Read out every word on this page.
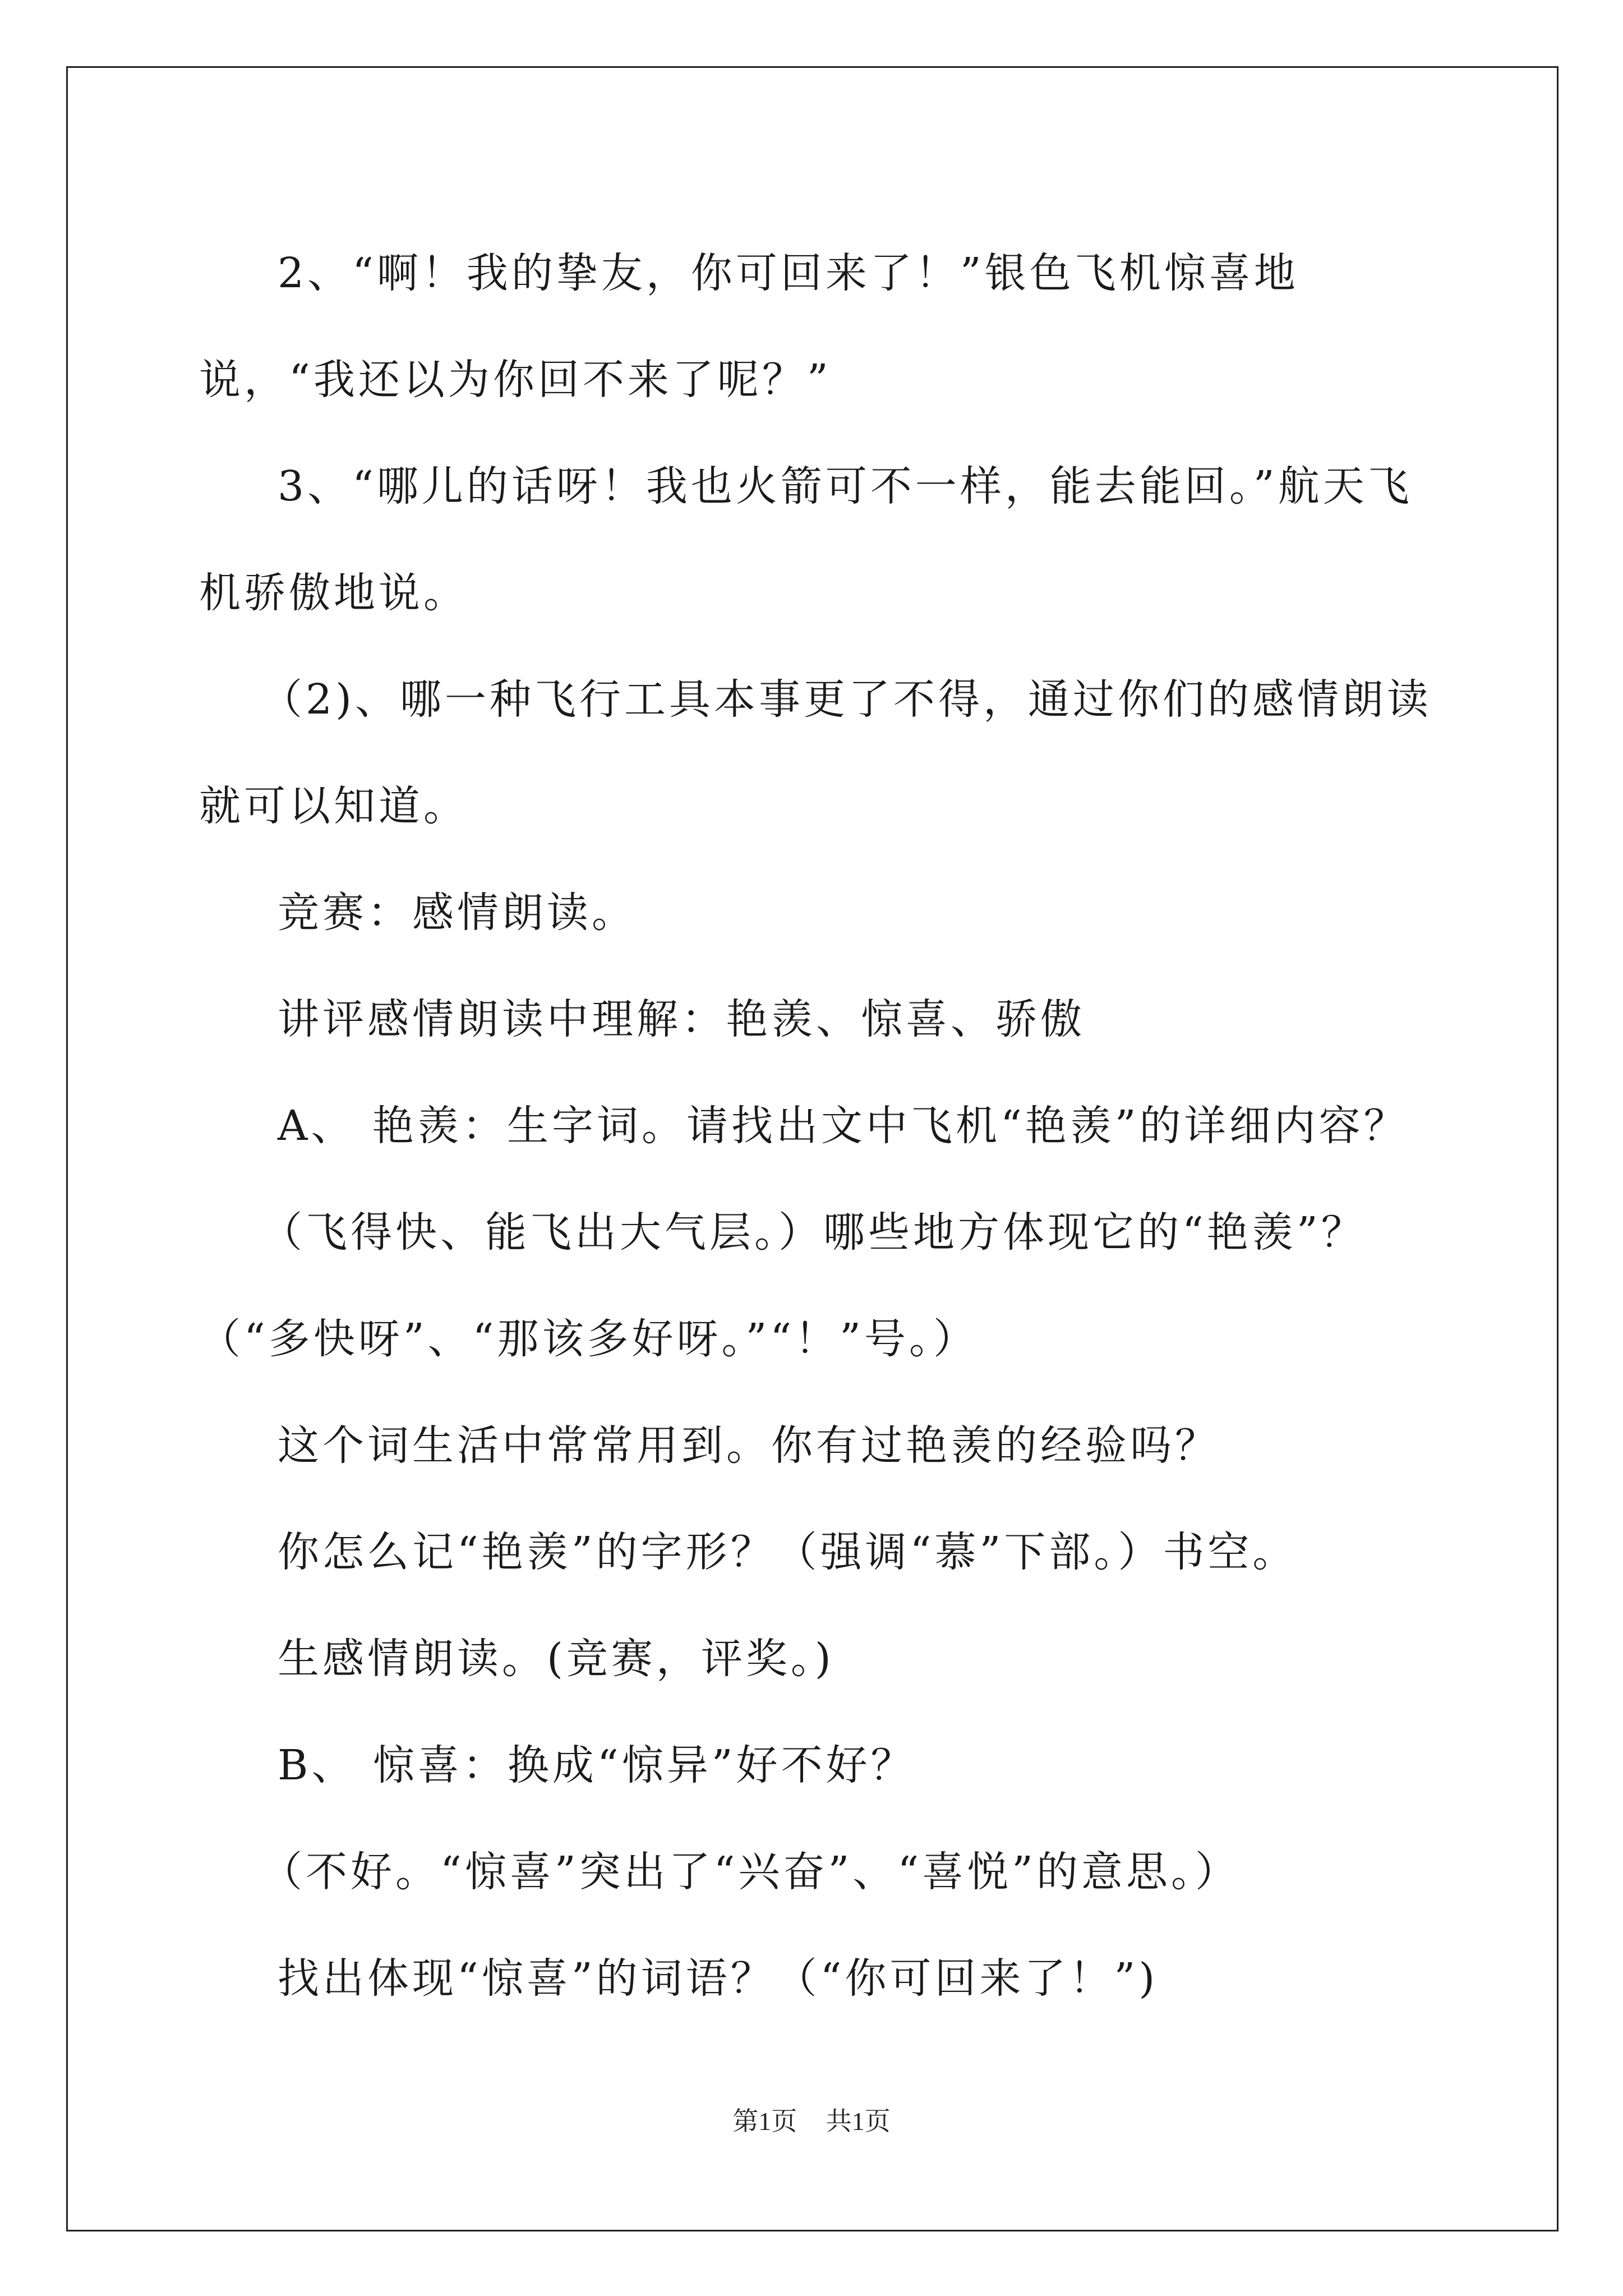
2、“啊！我的挚友，你可回来了！”银色飞机惊喜地说，“我还以为你回不来了呢？”

3、“哪儿的话呀！我也火箭可不一样，能去能回。”航天飞机骄傲地说。

（2)、哪一种飞行工具本事更了不得，通过你们的感情朗读就可以知道。

竞赛：感情朗读。

讲评感情朗读中理解：艳羡、惊喜、骄傲

A、 艳羡：生字词。请找出文中飞机“艳羡”的详细内容？

（飞得快、能飞出大气层。）哪些地方体现它的“艳羡”？（“多快呀”、“那该多好呀。”“！”号。）

这个词生活中常常用到。你有过艳羡的经验吗？

你怎么记“艳羡”的字形？（强调“慕”下部。）书空。

生感情朗读。(竞赛，评奖。)

B、 惊喜：换成“惊异”好不好？

（不好。“惊喜”突出了“兴奋”、“喜悦”的意思。）

找出体现“惊喜”的词语？（“你可回来了！”)

第1页 共1页
